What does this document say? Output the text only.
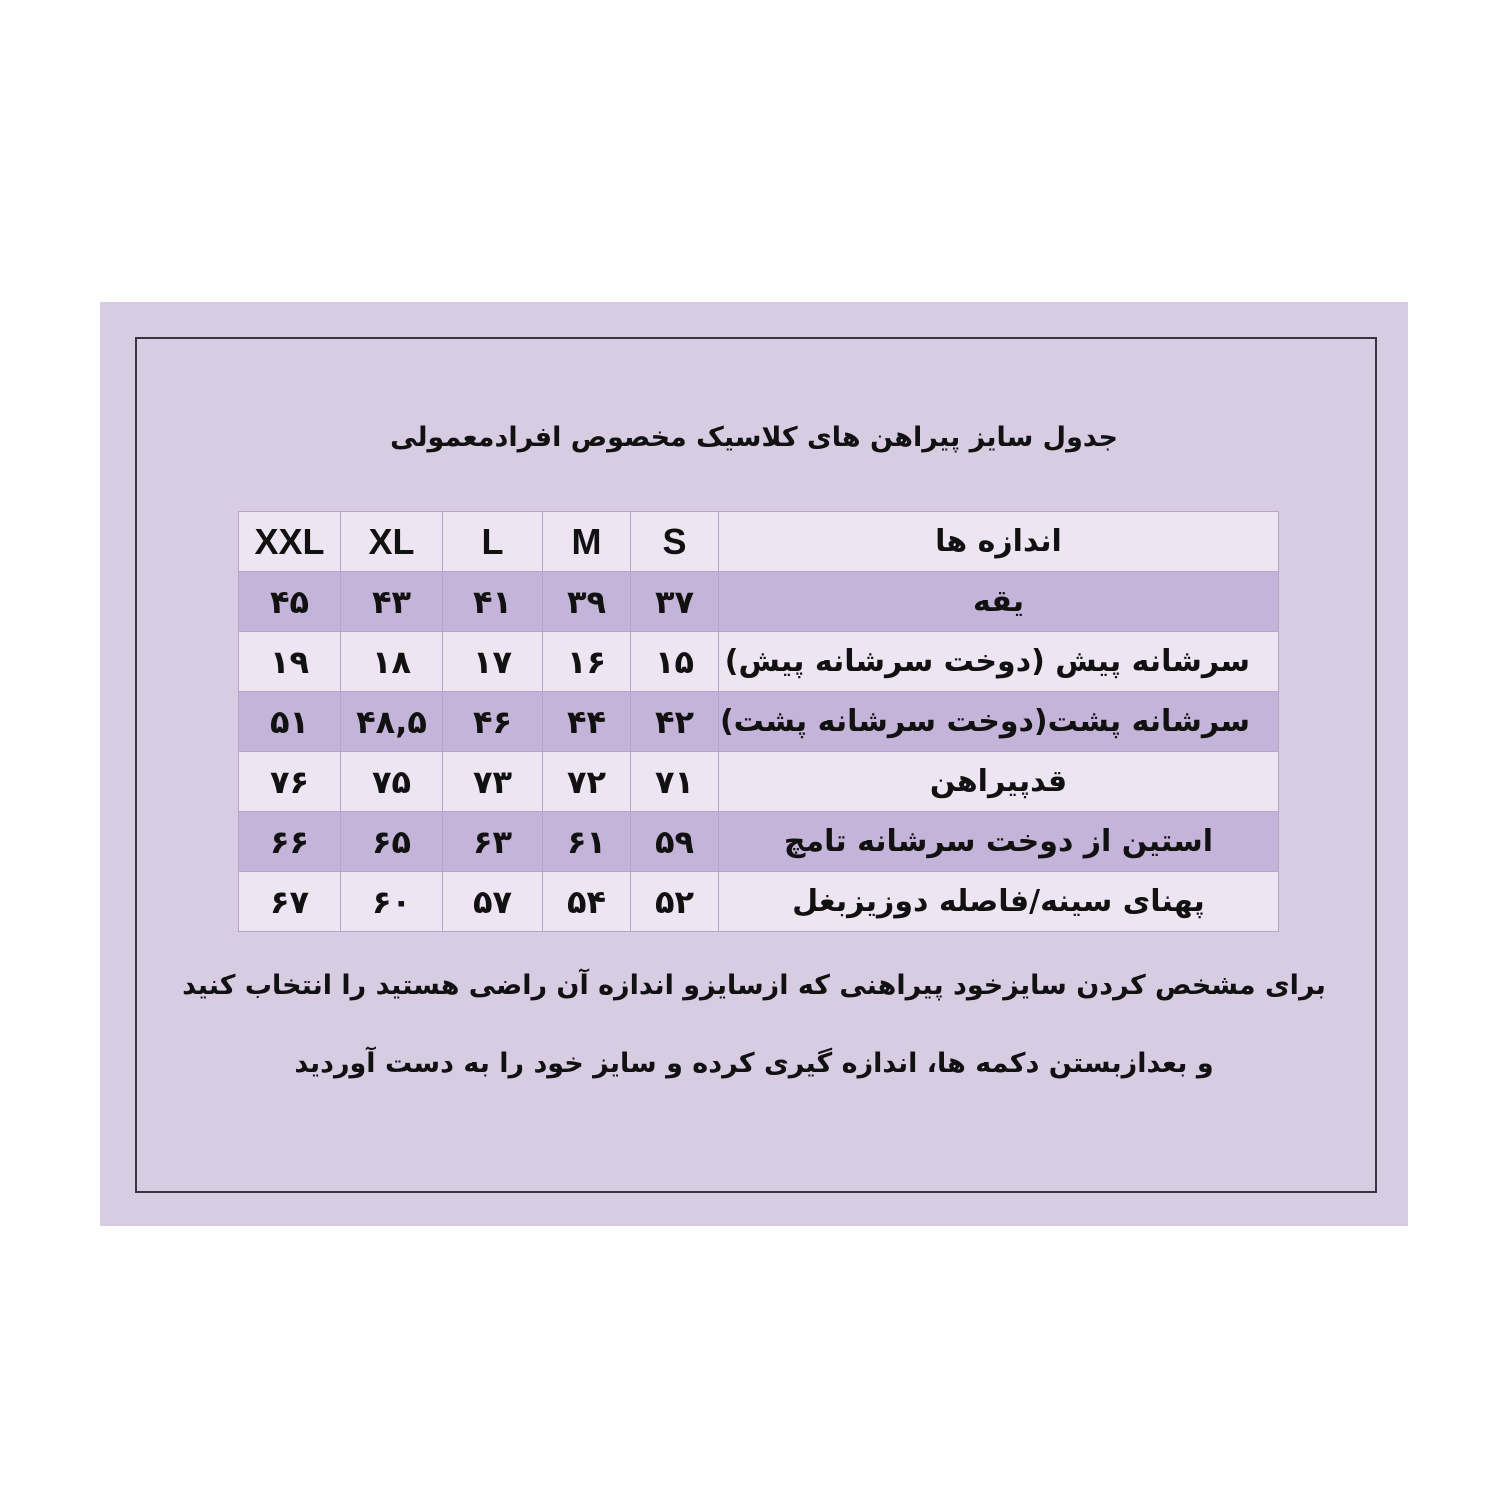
جدول سایز پیراهن های کلاسیک مخصوص افرادمعمولی
اندازه ها	S	M	L	XL	XXL
یقه	۳۷	۳۹	۴۱	۴۳	۴۵
سرشانه پیش (دوخت سرشانه پیش)	۱۵	۱۶	۱۷	۱۸	۱۹
سرشانه پشت(دوخت سرشانه پشت)	۴۲	۴۴	۴۶	۴۸,۵	۵۱
قدپیراهن	۷۱	۷۲	۷۳	۷۵	۷۶
استین از دوخت سرشانه تامچ	۵۹	۶۱	۶۳	۶۵	۶۶
پهنای سینه/فاصله دوزیزبغل	۵۲	۵۴	۵۷	۶۰	۶۷
برای مشخص کردن سایزخود پیراهنی که ازسایزو اندازه آن راضی هستید را انتخاب کنید
و بعدازبستن دکمه ها، اندازه گیری کرده و سایز خود را به دست آوردید
